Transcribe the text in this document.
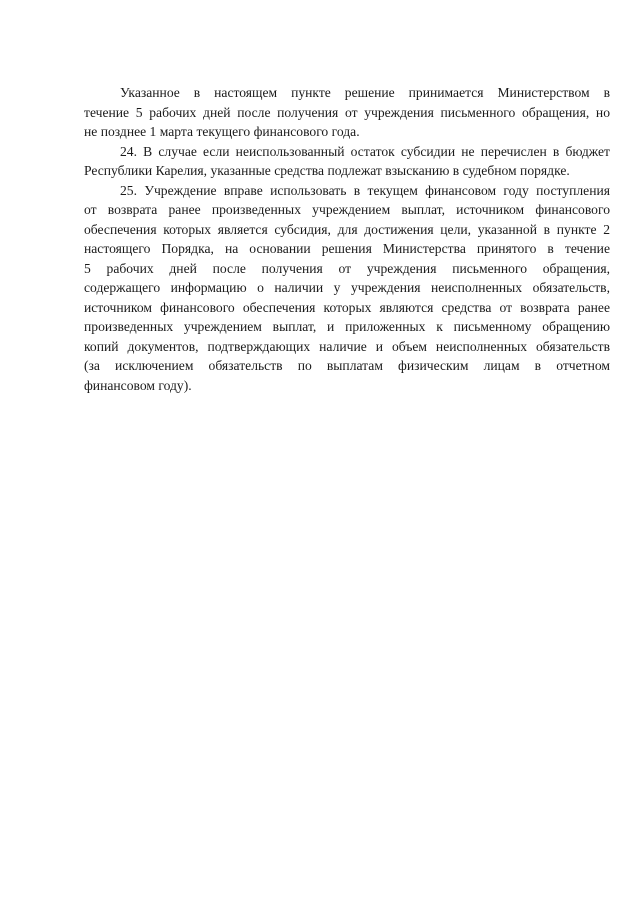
Указанное в настоящем пункте решение принимается Министерством в
течение 5 рабочих дней после получения от учреждения письменного обращения, но
не позднее 1 марта текущего финансового года.
24. В случае если неиспользованный остаток субсидии не перечислен в бюджет
Республики Карелия, указанные средства подлежат взысканию в судебном порядке.
25. Учреждение вправе использовать в текущем финансовом году поступления
от возврата ранее произведенных учреждением выплат, источником финансового
обеспечения которых является субсидия, для достижения цели, указанной в пункте 2
настоящего Порядка, на основании решения Министерства принятого в течение
5 рабочих дней после получения от учреждения письменного обращения,
содержащего информацию о наличии у учреждения неисполненных обязательств,
источником финансового обеспечения которых являются средства от возврата ранее
произведенных учреждением выплат, и приложенных к письменному обращению
копий документов, подтверждающих наличие и объем неисполненных обязательств
(за исключением обязательств по выплатам физическим лицам в отчетном
финансовом году).
